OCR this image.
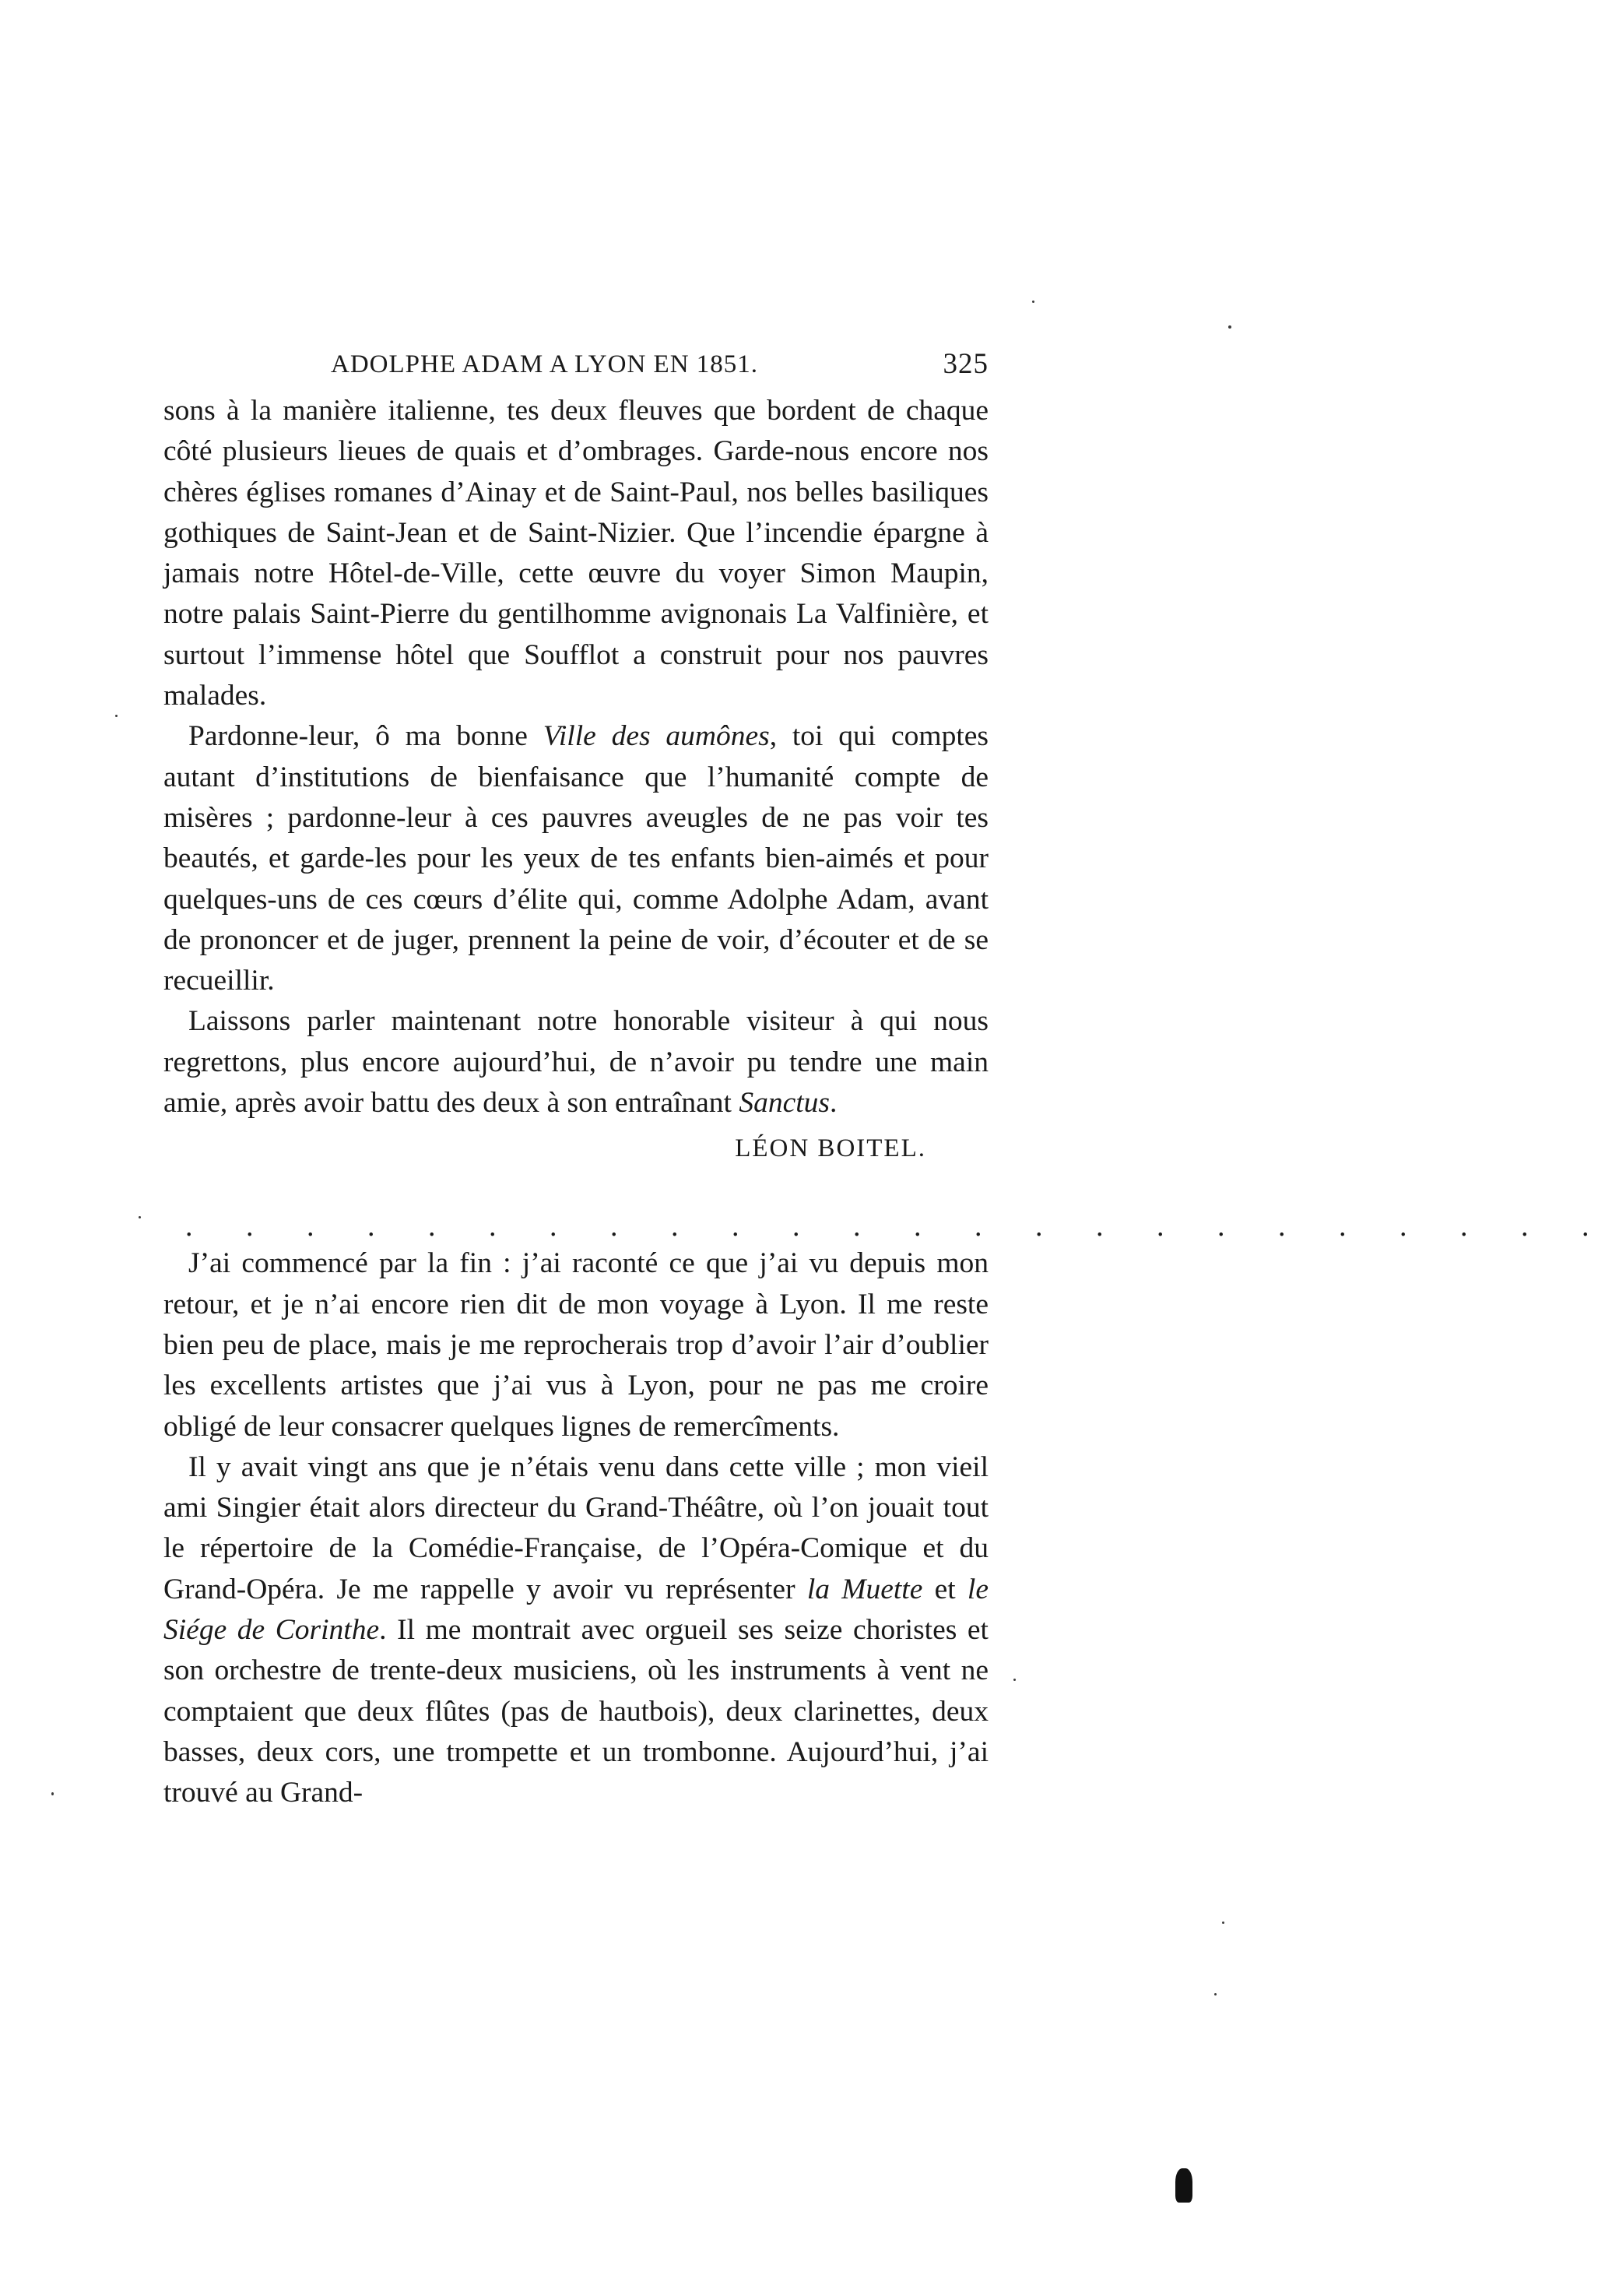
ADOLPHE ADAM A LYON EN 1851.	325

sons à la manière italienne, tes deux fleuves que bordent de chaque côté plusieurs lieues de quais et d’ombrages. Garde-nous encore nos chères églises romanes d’Ainay et de Saint-Paul, nos belles basiliques gothiques de Saint-Jean et de Saint-Nizier. Que l’incendie épargne à jamais notre Hôtel-de-Ville, cette œuvre du voyer Simon Maupin, notre palais Saint-Pierre du gentilhomme avignonais La Valfinière, et surtout l’immense hôtel que Soufflot a construit pour nos pauvres malades.

Pardonne-leur, ô ma bonne Ville des aumônes, toi qui comptes autant d’institutions de bienfaisance que l’humanité compte de misères ; pardonne-leur à ces pauvres aveugles de ne pas voir tes beautés, et garde-les pour les yeux de tes enfants bien-aimés et pour quelques-uns de ces cœurs d’élite qui, comme Adolphe Adam, avant de prononcer et de juger, prennent la peine de voir, d’écouter et de se recueillir.

Laissons parler maintenant notre honorable visiteur à qui nous regrettons, plus encore aujourd’hui, de n’avoir pu tendre une main amie, après avoir battu des deux à son entraînant Sanctus.

LÉON BOITEL.
. . . . . . . . . . . . . . . . . . . . . . . .

J’ai commencé par la fin : j’ai raconté ce que j’ai vu depuis mon retour, et je n’ai encore rien dit de mon voyage à Lyon. Il me reste bien peu de place, mais je me reprocherais trop d’avoir l’air d’oublier les excellents artistes que j’ai vus à Lyon, pour ne pas me croire obligé de leur consacrer quelques lignes de remercîments.

Il y avait vingt ans que je n’étais venu dans cette ville ; mon vieil ami Singier était alors directeur du Grand-Théâtre, où l’on jouait tout le répertoire de la Comédie-Française, de l’Opéra-Comique et du Grand-Opéra. Je me rappelle y avoir vu représenter la Muette et le Siége de Corinthe. Il me montrait avec orgueil ses seize choristes et son orchestre de trente-deux musiciens, où les instruments à vent ne comptaient que deux flûtes (pas de hautbois), deux clarinettes, deux basses, deux cors, une trompette et un trombonne. Aujourd’hui, j’ai trouvé au Grand-
